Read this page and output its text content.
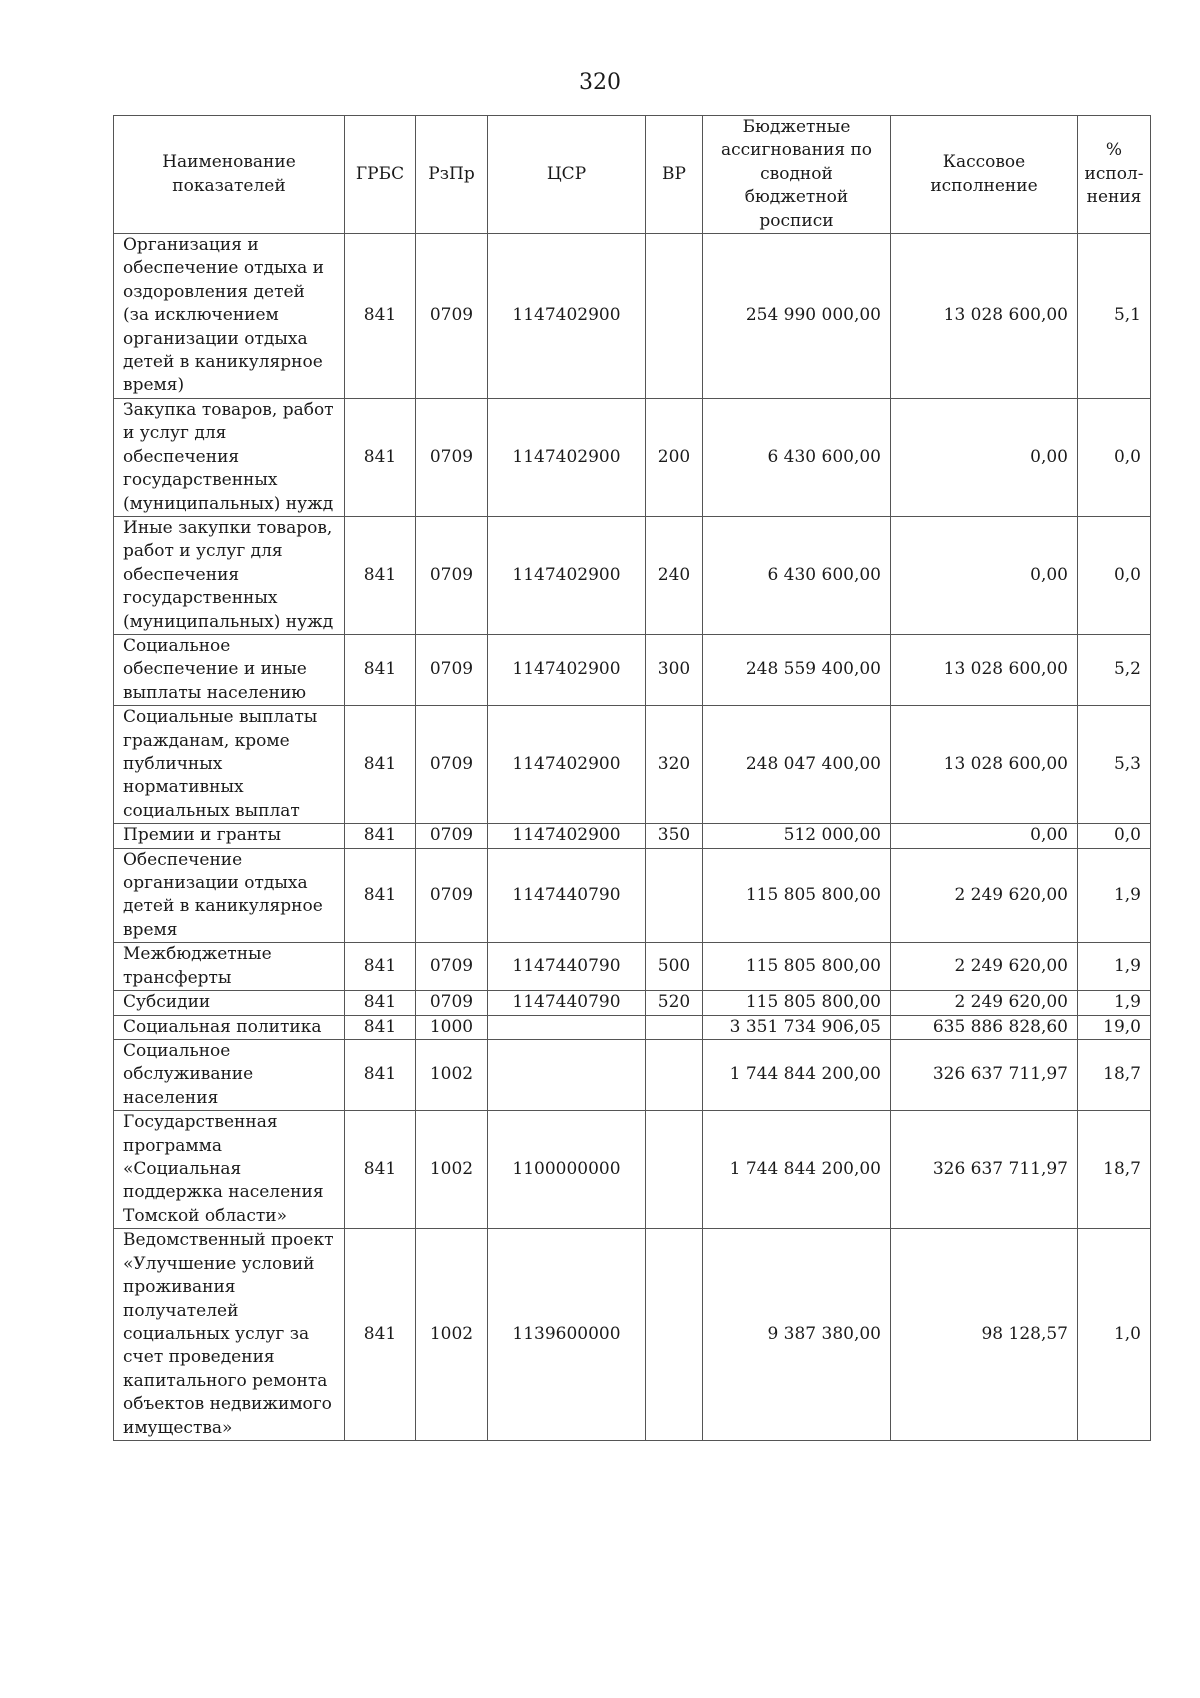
320
Наименование показателей	ГРБС	РзПр	ЦСР	ВР	Бюджетные ассигнования по сводной бюджетной росписи	Кассовое исполнение	% испол-нения
Организация и обеспечение отдыха и оздоровления детей (за исключением организации отдыха детей в каникулярное время)	841	0709	1147402900		254 990 000,00	13 028 600,00	5,1
Закупка товаров, работ и услуг для обеспечения государственных (муниципальных) нужд	841	0709	1147402900	200	6 430 600,00	0,00	0,0
Иные закупки товаров, работ и услуг для обеспечения государственных (муниципальных) нужд	841	0709	1147402900	240	6 430 600,00	0,00	0,0
Социальное обеспечение и иные выплаты населению	841	0709	1147402900	300	248 559 400,00	13 028 600,00	5,2
Социальные выплаты гражданам, кроме публичных нормативных социальных выплат	841	0709	1147402900	320	248 047 400,00	13 028 600,00	5,3
Премии и гранты	841	0709	1147402900	350	512 000,00	0,00	0,0
Обеспечение организации отдыха детей в каникулярное время	841	0709	1147440790		115 805 800,00	2 249 620,00	1,9
Межбюджетные трансферты	841	0709	1147440790	500	115 805 800,00	2 249 620,00	1,9
Субсидии	841	0709	1147440790	520	115 805 800,00	2 249 620,00	1,9
Социальная политика	841	1000			3 351 734 906,05	635 886 828,60	19,0
Социальное обслуживание населения	841	1002			1 744 844 200,00	326 637 711,97	18,7
Государственная программа «Социальная поддержка населения Томской области»	841	1002	1100000000		1 744 844 200,00	326 637 711,97	18,7
Ведомственный проект «Улучшение условий проживания получателей социальных услуг за счет проведения капитального ремонта объектов недвижимого имущества»	841	1002	1139600000		9 387 380,00	98 128,57	1,0
